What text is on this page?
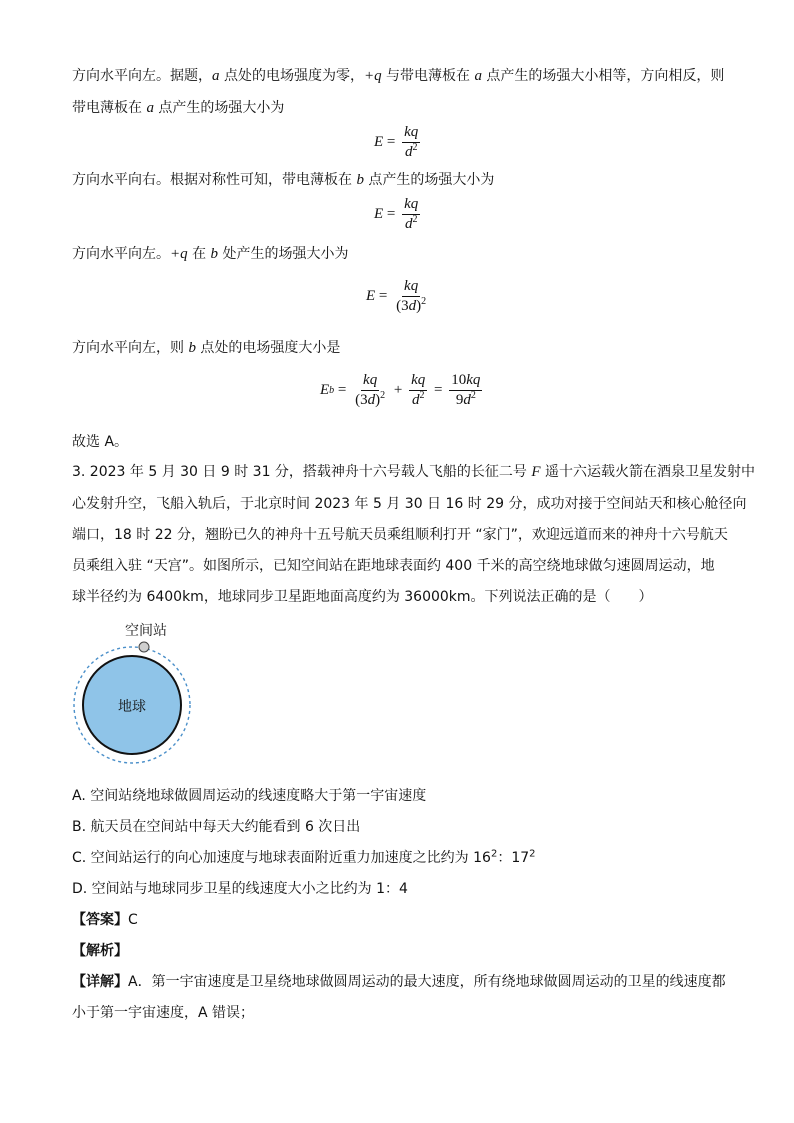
方向水平向左。据题，a 点处的电场强度为零，+q 与带电薄板在 a 点产生的场强大小相等，方向相反，则
带电薄板在 a 点产生的场强大小为
$E = \frac{kq}{d^2}$
方向水平向右。根据对称性可知，带电薄板在 b 点产生的场强大小为
$E = \frac{kq}{d^2}$
方向水平向左。+q 在 b 处产生的场强大小为
$E = \frac{kq}{(3d)^2}$
方向水平向左，则 b 点处的电场强度大小是
E $b = \frac{kq}{(3d)^2} + \frac{kq}{d^2} = \frac{10kq}{9d^2}$
故选 A。
3. 2023 年 5 月 30 日 9 时 31 分，搭载神舟十六号载人飞船的长征二号 F 遥十六运载火箭在酒泉卫星发射中
心发射升空，飞船入轨后，于北京时间 2023 年 5 月 30 日 16 时 29 分，成功对接于空间站天和核心舱径向
端口，18 时 22 分，翘盼已久的神舟十五号航天员乘组顺利打开 “家门”，欢迎远道而来的神舟十六号航天
员乘组入驻 “天宫”。如图所示，已知空间站在距地球表面约 400 千米的高空绕地球做匀速圆周运动，地
球半径约为 6400km，地球同步卫星距地面高度约为 36000km。下列说法正确的是（　　）
空间站
地球
A. 空间站绕地球做圆周运动的线速度略大于第一宇宙速度
B. 航天员在空间站中每天大约能看到 6 次日出
C. 空间站运行的向心加速度与地球表面附近重力加速度之比约为 $16^2$：$17^2$
D. 空间站与地球同步卫星的线速度大小之比约为 1：4
【答案】C
【解析】
【详解】A．第一宇宙速度是卫星绕地球做圆周运动的最大速度，所有绕地球做圆周运动的卫星的线速度都
小于第一宇宙速度，A 错误；
